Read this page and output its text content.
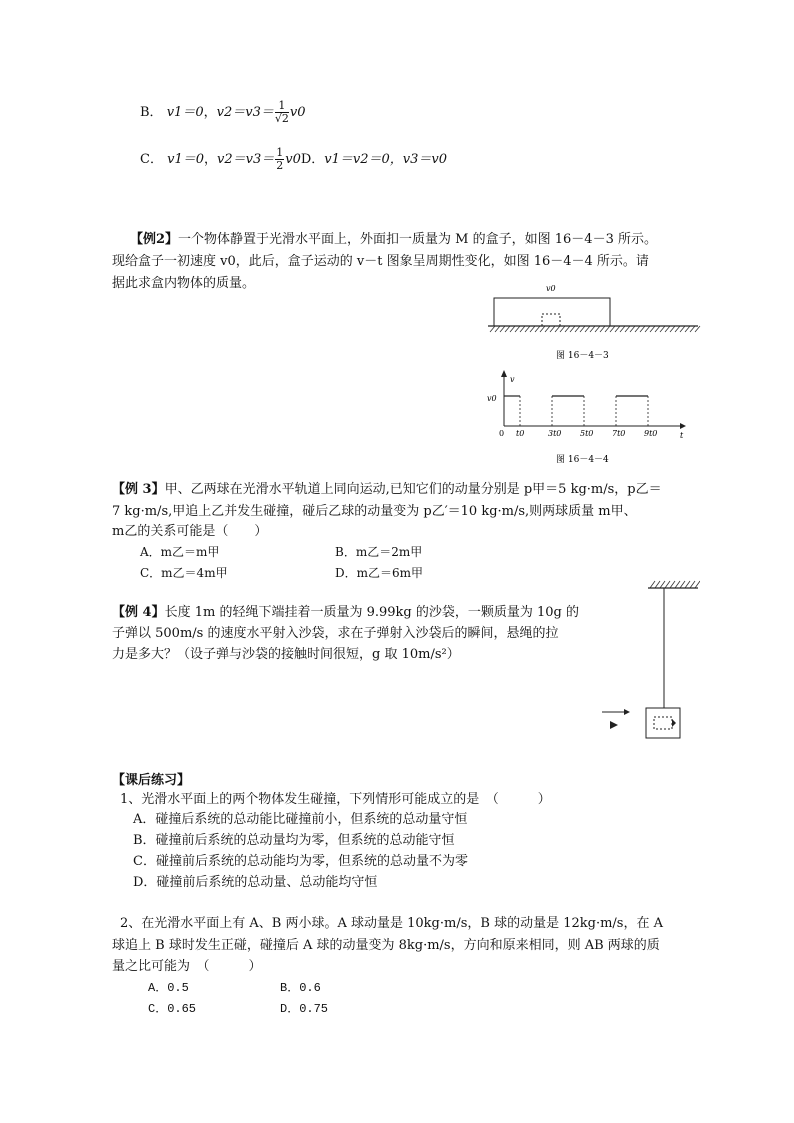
B． v1＝0，$v2=v3= \frac{1}{√2} v0$
C． v1＝0，$v2=v3= \frac{1}{2} v0D$．v1＝v2＝0，v3＝v0
【例2】一个物体静置于光滑水平面上，外面扣一质量为 M 的盒子，如图 16－4－3 所示。
现给盒子一初速度 v0，此后，盒子运动的 v－t 图象呈周期性变化，如图 16－4－4 所示。请
据此求盒内物体的质量。	v0
图 16－4－3
v
t
v0
0 t0	3t0 5t0 7t0 9t0
图 16－4－4
【例 3】甲、乙两球在光滑水平轨道上同向运动,已知它们的动量分别是 p甲＝5 kg·m/s，p乙＝
7 kg·m/s,甲追上乙并发生碰撞，碰后乙球的动量变为 p乙′＝10 kg·m/s,则两球质量 m甲、
m乙的关系可能是（　　）
A．m乙＝m甲	B．m乙＝2m甲
C．m乙＝4m甲	D．m乙＝6m甲
【例 4】长度 1m 的轻绳下端挂着一质量为 9.99kg 的沙袋，一颗质量为 10g 的
子弹以 500m/s 的速度水平射入沙袋，求在子弹射入沙袋后的瞬间，悬绳的拉
力是多大？（设子弹与沙袋的接触时间很短，g 取 10m/s²）
【课后练习】
1、光滑水平面上的两个物体发生碰撞，下列情形可能成立的是　（　　　）
A．碰撞后系统的总动能比碰撞前小，但系统的总动量守恒
B．碰撞前后系统的总动量均为零，但系统的总动能守恒
C．碰撞前后系统的总动能均为零，但系统的总动量不为零
D．碰撞前后系统的总动量、总动能均守恒
2、在光滑水平面上有 A、B 两小球。A 球动量是 10kg·m/s，B 球的动量是 12kg·m/s，在 A
球追上 B 球时发生正碰，碰撞后 A 球的动量变为 8kg·m/s，方向和原来相同，则 AB 两球的质
量之比可能为　（　　　）
A．0.5	B．0.6
C．0.65	D．0.75
